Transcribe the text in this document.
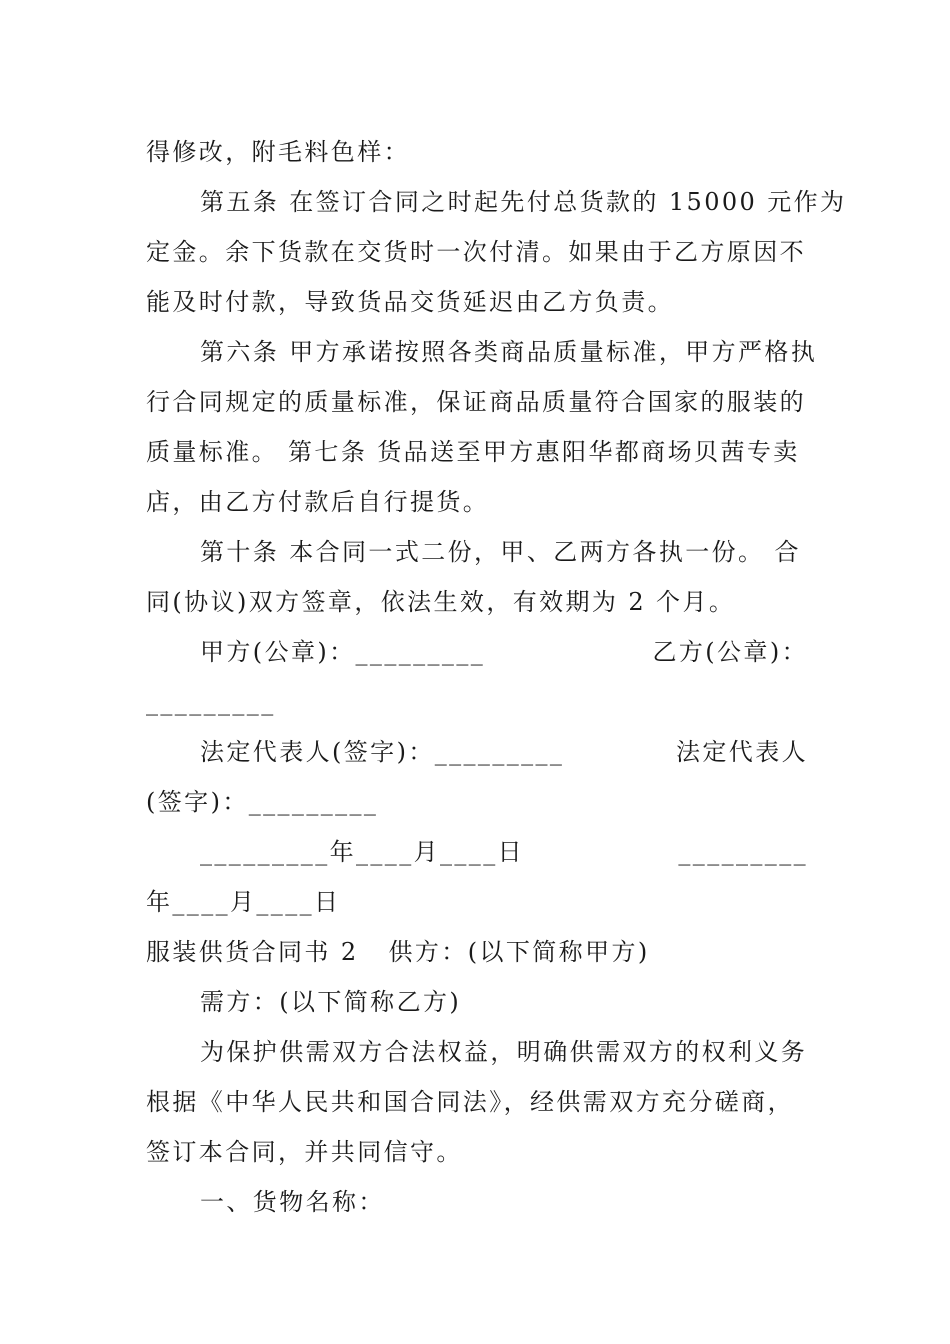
得修改，附毛料色样：
第五条 在签订合同之时起先付总货款的 15000 元作为
定金。余下货款在交货时一次付清。如果由于乙方原因不
能及时付款，导致货品交货延迟由乙方负责。
第六条 甲方承诺按照各类商品质量标准，甲方严格执
行合同规定的质量标准，保证商品质量符合国家的服装的
质量标准。 第七条 货品送至甲方惠阳华都商场贝茜专卖
店，由乙方付款后自行提货。
第十条 本合同一式二份，甲、乙两方各执一份。 合
同(协议)双方签章，依法生效，有效期为 2 个月。
甲方(公章)：_________	乙方(公章)：
_________
法定代表人(签字)：_________	法定代表人
(签字)：_________
_________年____月____日	_________
年____月____日
服装供货合同书 2 供方：(以下简称甲方)
需方：(以下简称乙方)
为保护供需双方合法权益，明确供需双方的权利义务
根据《中华人民共和国合同法》，经供需双方充分磋商，
签订本合同，并共同信守。
一、货物名称：
